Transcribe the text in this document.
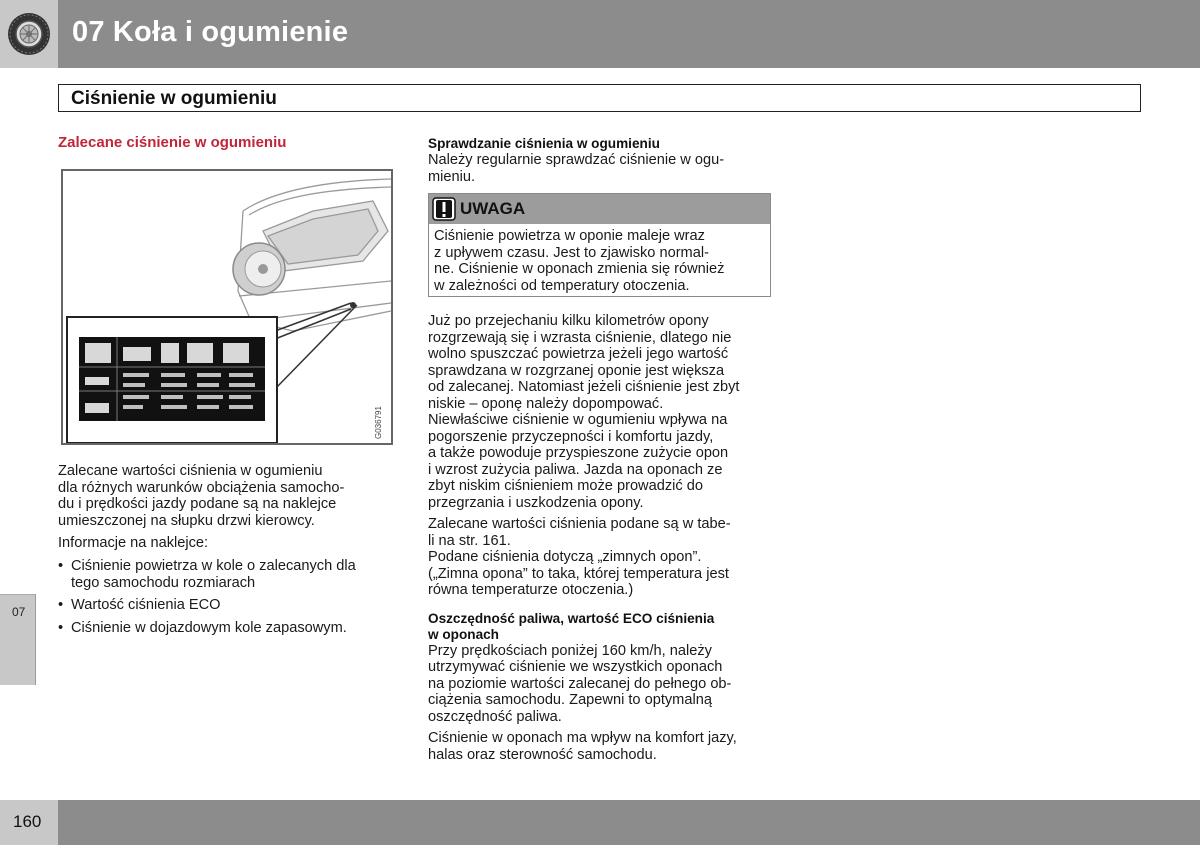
07 Koła i ogumienie
Ciśnienie w ogumieniu
Zalecane ciśnienie w ogumieniu
G036791

Zalecane wartości ciśnienia w ogumieniu
dla różnych warunków obciążenia samocho-
du i prędkości jazdy podane są na naklejce
umieszczonej na słupku drzwi kierowcy.

Informacje na naklejce:

• Ciśnienie powietrza w kole o zalecanych dla
tego samochodu rozmiarach
• Wartość ciśnienia ECO
• Ciśnienie w dojazdowym kole zapasowym.
Sprawdzanie ciśnienia w ogumieniu

Należy regularnie sprawdzać ciśnienie w ogu-
mieniu.

UWAGA
Ciśnienie powietrza w oponie maleje wraz
z upływem czasu. Jest to zjawisko normal-
ne. Ciśnienie w oponach zmienia się również
w zależności od temperatury otoczenia.

Już po przejechaniu kilku kilometrów opony
rozgrzewają się i wzrasta ciśnienie, dlatego nie
wolno spuszczać powietrza jeżeli jego wartość
sprawdzana w rozgrzanej oponie jest większa
od zalecanej. Natomiast jeżeli ciśnienie jest zbyt
niskie – oponę należy dopompować.
Niewłaściwe ciśnienie w ogumieniu wpływa na
pogorszenie przyczepności i komfortu jazdy,
a także powoduje przyspieszone zużycie opon
i wzrost zużycia paliwa. Jazda na oponach ze
zbyt niskim ciśnieniem może prowadzić do
przegrzania i uszkodzenia opony.

Zalecane wartości ciśnienia podane są w tabe-
li na str. 161.
Podane ciśnienia dotyczą „zimnych opon”.
(„Zimna opona” to taka, której temperatura jest
równa temperaturze otoczenia.)

Oszczędność paliwa, wartość ECO ciśnienia
w oponach

Przy prędkościach poniżej 160 km/h, należy
utrzymywać ciśnienie we wszystkich oponach
na poziomie wartości zalecanej do pełnego ob-
ciążenia samochodu. Zapewni to optymalną
oszczędność paliwa.

Ciśnienie w oponach ma wpływ na komfort jazy,
halas oraz sterowność samochodu.

07
160
